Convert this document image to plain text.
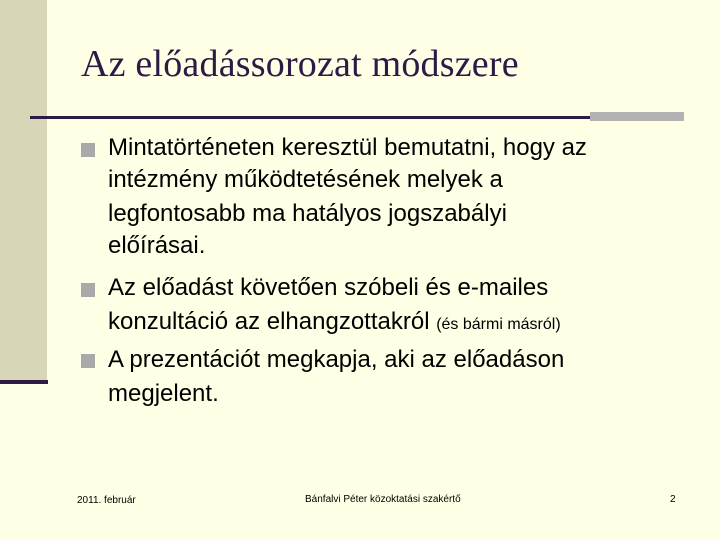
Az előadássorozat módszere
Mintatörténeten keresztül bemutatni, hogy az
intézmény működtetésének melyek a
legfontosabb ma hatályos jogszabályi
előírásai.
Az előadást követően szóbeli és e-mailes
konzultáció az elhangzottakról (és bármi másról)
A prezentációt megkapja, aki az előadáson
megjelent.
2011. február	Bánfalvi Péter közoktatási szakértő	2
